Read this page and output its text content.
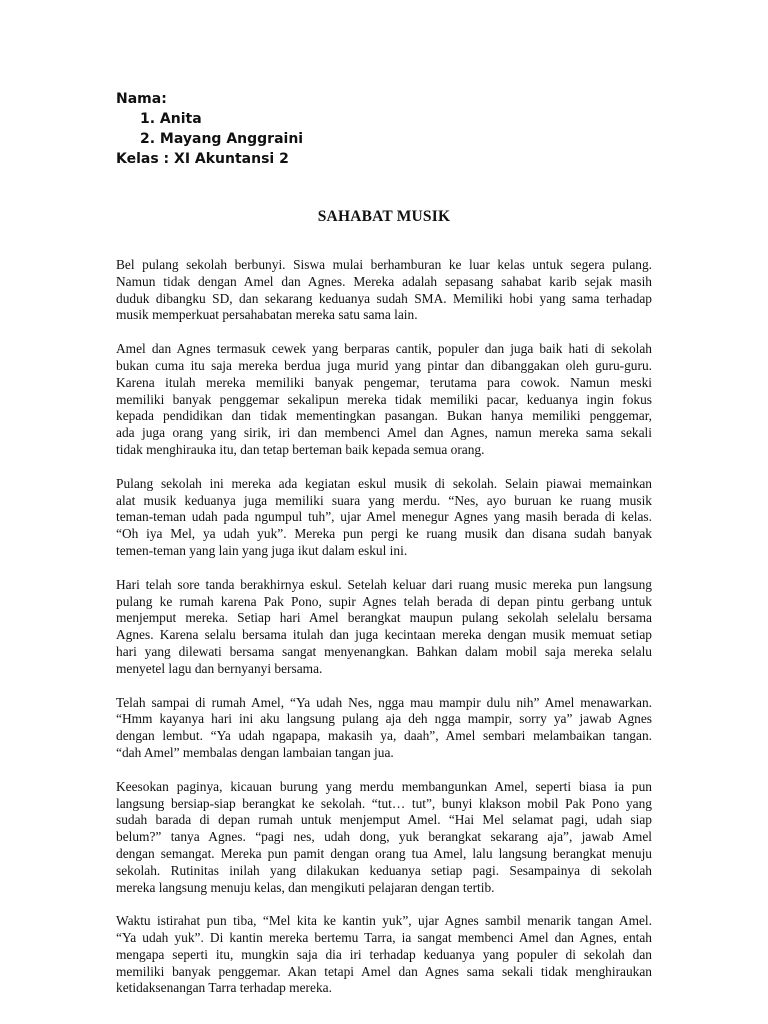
Nama:
1. Anita
2. Mayang Anggraini
Kelas : XI Akuntansi 2
SAHABAT MUSIK
Bel pulang sekolah berbunyi. Siswa mulai berhamburan ke luar kelas untuk segera pulang.
Namun tidak dengan Amel dan Agnes. Mereka adalah sepasang sahabat karib sejak masih
duduk dibangku SD, dan sekarang keduanya sudah SMA. Memiliki hobi yang sama terhadap
musik memperkuat persahabatan mereka satu sama lain.
Amel dan Agnes termasuk cewek yang berparas cantik, populer dan juga baik hati di sekolah
bukan cuma itu saja mereka berdua juga murid yang pintar dan dibanggakan oleh guru-guru.
Karena itulah mereka memiliki banyak pengemar, terutama para cowok. Namun meski
memiliki banyak penggemar sekalipun mereka tidak memiliki pacar, keduanya ingin fokus
kepada pendidikan dan tidak mementingkan pasangan. Bukan hanya memiliki penggemar,
ada juga orang yang sirik, iri dan membenci Amel dan Agnes, namun mereka sama sekali
tidak menghirauka itu, dan tetap berteman baik kepada semua orang.
Pulang sekolah ini mereka ada kegiatan eskul musik di sekolah. Selain piawai memainkan
alat musik keduanya juga memiliki suara yang merdu. “Nes, ayo buruan ke ruang musik
teman-teman udah pada ngumpul tuh”, ujar Amel menegur Agnes yang masih berada di kelas.
“Oh iya Mel, ya udah yuk”. Mereka pun pergi ke ruang musik dan disana sudah banyak
temen-teman yang lain yang juga ikut dalam eskul ini.
Hari telah sore tanda berakhirnya eskul. Setelah keluar dari ruang music mereka pun langsung
pulang ke rumah karena Pak Pono, supir Agnes telah berada di depan pintu gerbang untuk
menjemput mereka. Setiap hari Amel berangkat maupun pulang sekolah selelalu bersama
Agnes. Karena selalu bersama itulah dan juga kecintaan mereka dengan musik memuat setiap
hari yang dilewati bersama sangat menyenangkan. Bahkan dalam mobil saja mereka selalu
menyetel lagu dan bernyanyi bersama.
Telah sampai di rumah Amel, “Ya udah Nes, ngga mau mampir dulu nih” Amel menawarkan.
“Hmm kayanya hari ini aku langsung pulang aja deh ngga mampir, sorry ya” jawab Agnes
dengan lembut. “Ya udah ngapapa, makasih ya, daah”, Amel sembari melambaikan tangan.
“dah Amel” membalas dengan lambaian tangan jua.
Keesokan paginya, kicauan burung yang merdu membangunkan Amel, seperti biasa ia pun
langsung bersiap-siap berangkat ke sekolah. “tut… tut”, bunyi klakson mobil Pak Pono yang
sudah barada di depan rumah untuk menjemput Amel. “Hai Mel selamat pagi, udah siap
belum?” tanya Agnes. “pagi nes, udah dong, yuk berangkat sekarang aja”, jawab Amel
dengan semangat. Mereka pun pamit dengan orang tua Amel, lalu langsung berangkat menuju
sekolah. Rutinitas inilah yang dilakukan keduanya setiap pagi. Sesampainya di sekolah
mereka langsung menuju kelas, dan mengikuti pelajaran dengan tertib.
Waktu istirahat pun tiba, “Mel kita ke kantin yuk”, ujar Agnes sambil menarik tangan Amel.
“Ya udah yuk”. Di kantin mereka bertemu Tarra, ia sangat membenci Amel dan Agnes, entah
mengapa seperti itu, mungkin saja dia iri terhadap keduanya yang populer di sekolah dan
memiliki banyak penggemar. Akan tetapi Amel dan Agnes sama sekali tidak menghiraukan
ketidaksenangan Tarra terhadap mereka.
